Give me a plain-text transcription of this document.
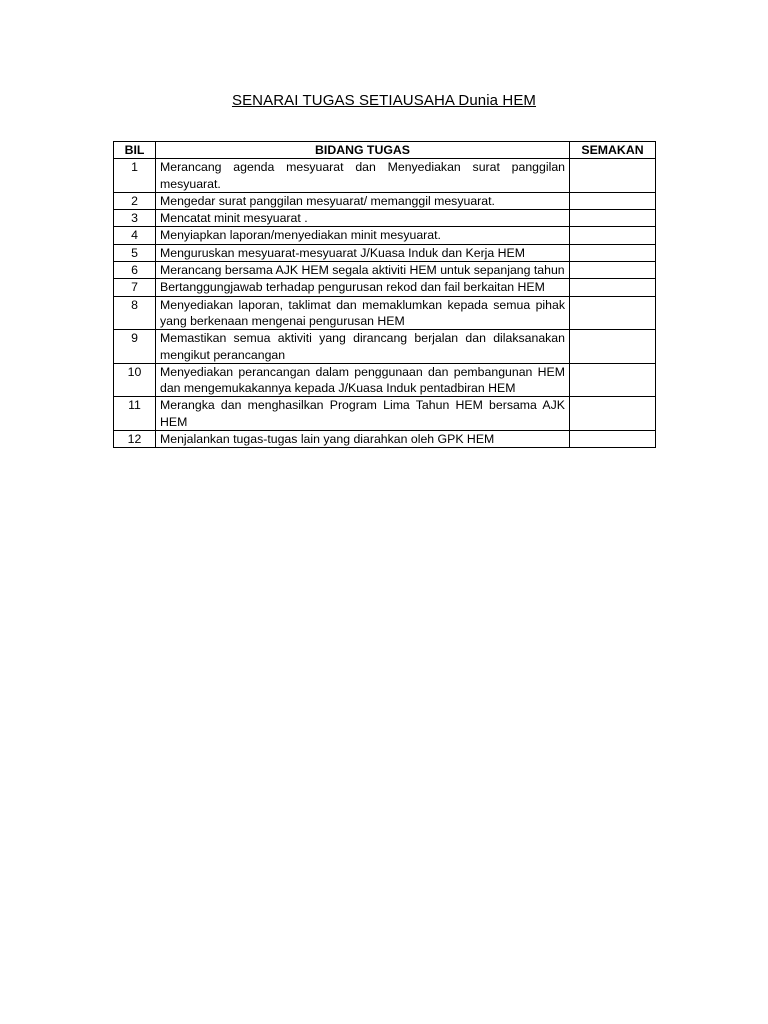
SENARAI TUGAS SETIAUSAHA Dunia HEM
BIL	BIDANG TUGAS	SEMAKAN
1	Merancang agenda mesyuarat dan Menyediakan surat panggilan mesyuarat.	
2	Mengedar surat panggilan mesyuarat/ memanggil mesyuarat.	
3	Mencatat minit mesyuarat .	
4	Menyiapkan laporan/menyediakan minit mesyuarat.	
5	Menguruskan mesyuarat-mesyuarat J/Kuasa Induk dan Kerja HEM	
6	Merancang bersama AJK HEM segala aktiviti HEM untuk sepanjang tahun	
7	Bertanggungjawab terhadap pengurusan rekod dan fail berkaitan HEM	
8	Menyediakan laporan, taklimat dan memaklumkan kepada semua pihak yang berkenaan mengenai pengurusan HEM	
9	Memastikan semua aktiviti yang dirancang berjalan dan dilaksanakan mengikut perancangan	
10	Menyediakan perancangan dalam penggunaan dan pembangunan HEM dan mengemukakannya kepada J/Kuasa Induk pentadbiran HEM	
11	Merangka dan menghasilkan Program Lima Tahun HEM bersama AJK HEM	
12	Menjalankan tugas-tugas lain yang diarahkan oleh GPK HEM	
